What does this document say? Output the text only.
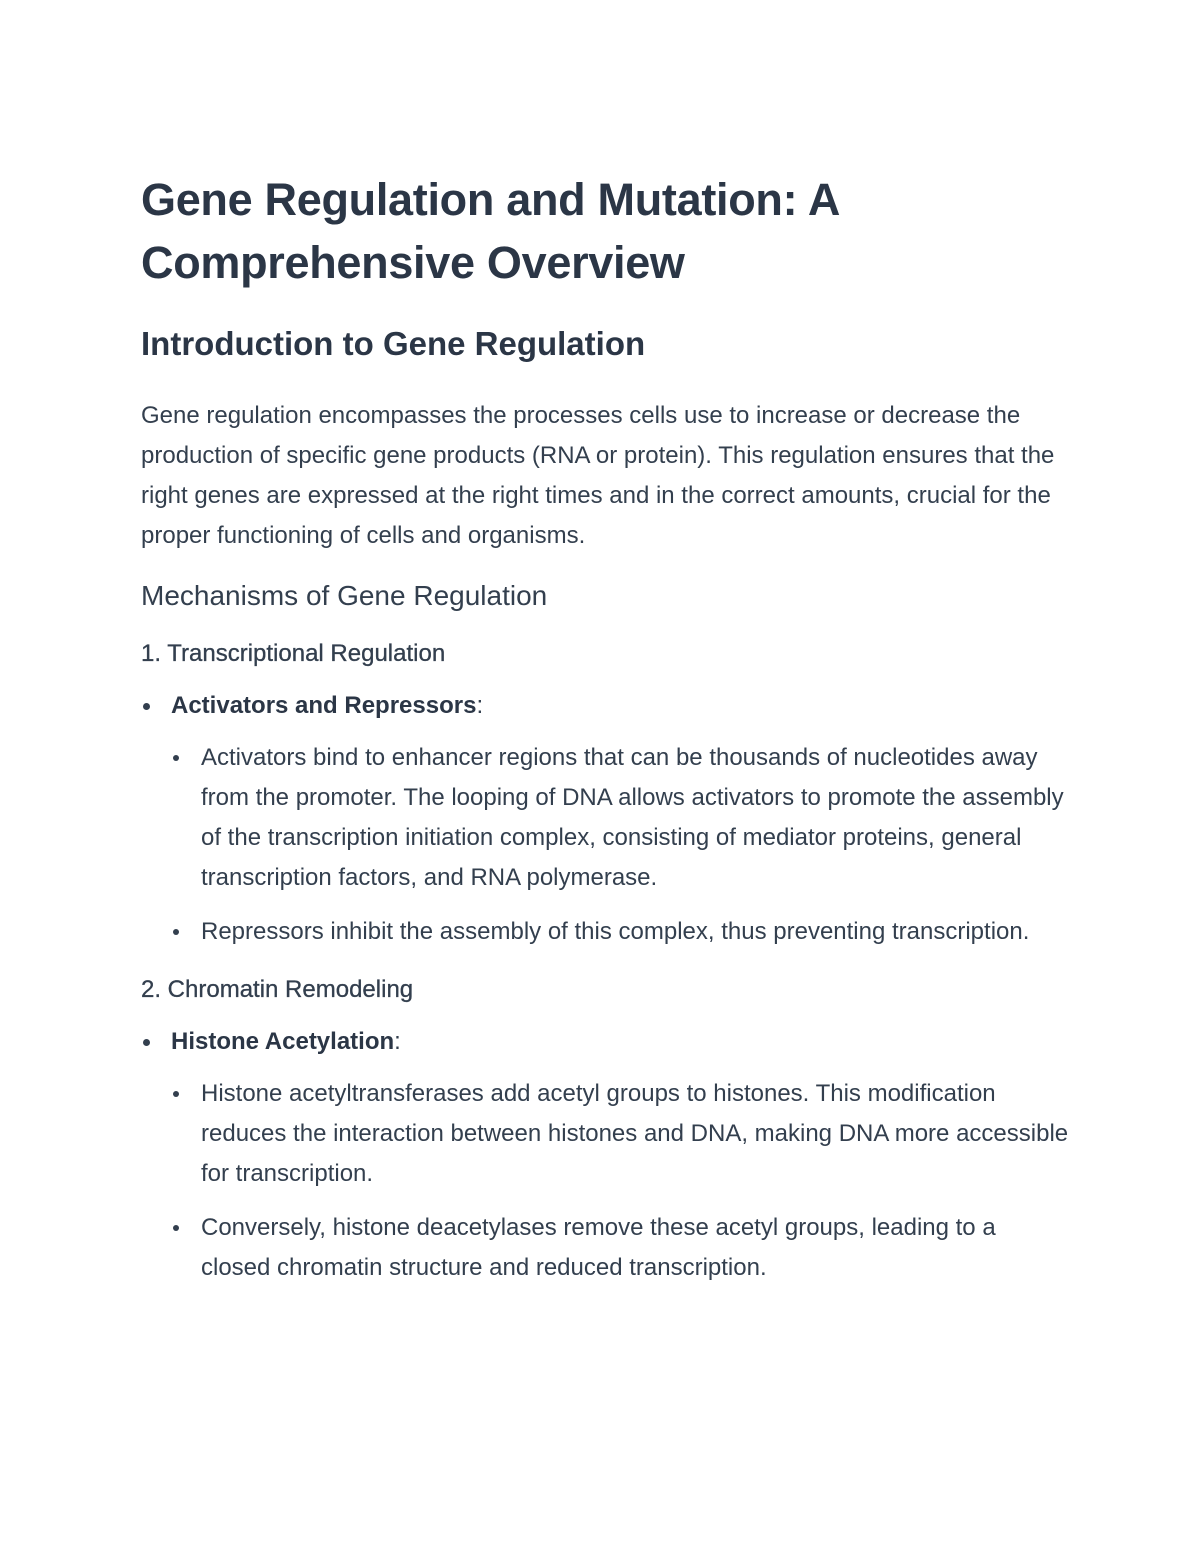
Gene Regulation and Mutation: A Comprehensive Overview
Introduction to Gene Regulation

Gene regulation encompasses the processes cells use to increase or decrease the production of specific gene products (RNA or protein). This regulation ensures that the right genes are expressed at the right times and in the correct amounts, crucial for the proper functioning of cells and organisms.

Mechanisms of Gene Regulation
1. Transcriptional Regulation
Activators and Repressors:
Activators bind to enhancer regions that can be thousands of nucleotides away from the promoter. The looping of DNA allows activators to promote the assembly of the transcription initiation complex, consisting of mediator proteins, general transcription factors, and RNA polymerase.
Repressors inhibit the assembly of this complex, thus preventing transcription.
2. Chromatin Remodeling
Histone Acetylation:
Histone acetyltransferases add acetyl groups to histones. This modification reduces the interaction between histones and DNA, making DNA more accessible for transcription.
Conversely, histone deacetylases remove these acetyl groups, leading to a closed chromatin structure and reduced transcription.
